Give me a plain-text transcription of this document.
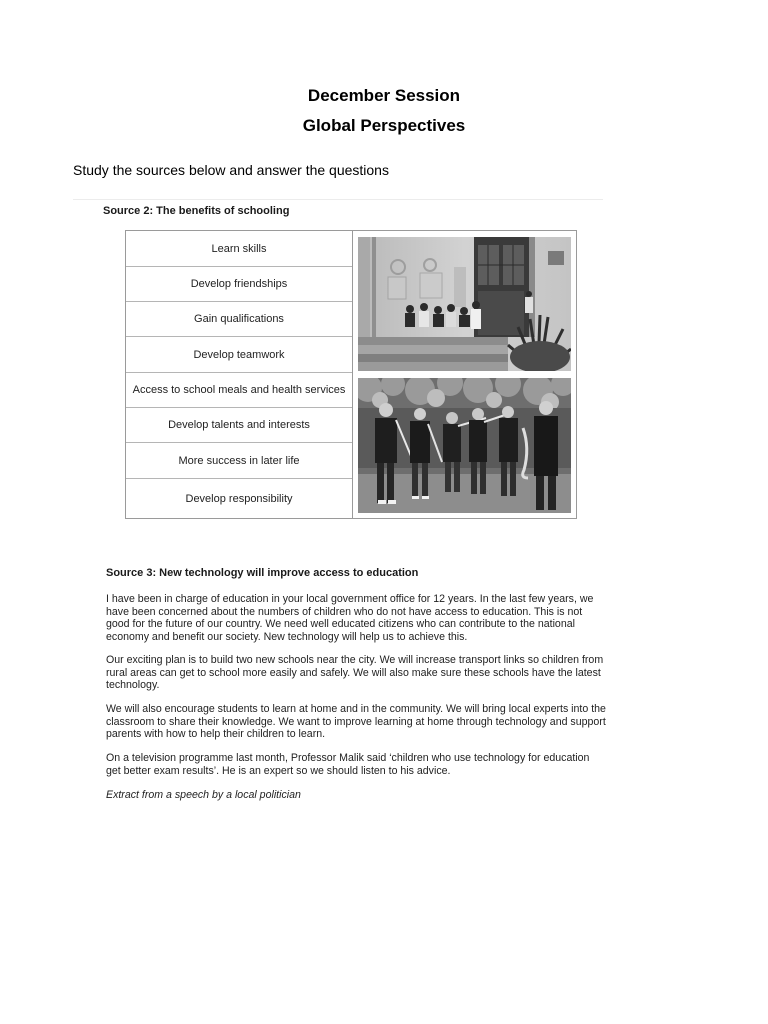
December Session
Global Perspectives
Study the sources below and answer the questions
Source 2: The benefits of schooling
Learn skills
Develop friendships
Gain qualifications
Develop teamwork
Access to school meals and health services
Develop talents and interests
More success in later life
Develop responsibility
Source 3: New technology will improve access to education
I have been in charge of education in your local government office for 12 years. In the last few years, we have been concerned about the numbers of children who do not have access to education. This is not good for the future of our country. We need well educated citizens who can contribute to the national economy and benefit our society. New technology will help us to achieve this.
Our exciting plan is to build two new schools near the city. We will increase transport links so children from rural areas can get to school more easily and safely. We will also make sure these schools have the latest technology.
We will also encourage students to learn at home and in the community. We will bring local experts into the classroom to share their knowledge. We want to improve learning at home through technology and support parents with how to help their children to learn.
On a television programme last month, Professor Malik said ‘children who use technology for education get better exam results’. He is an expert so we should listen to his advice.
Extract from a speech by a local politician
